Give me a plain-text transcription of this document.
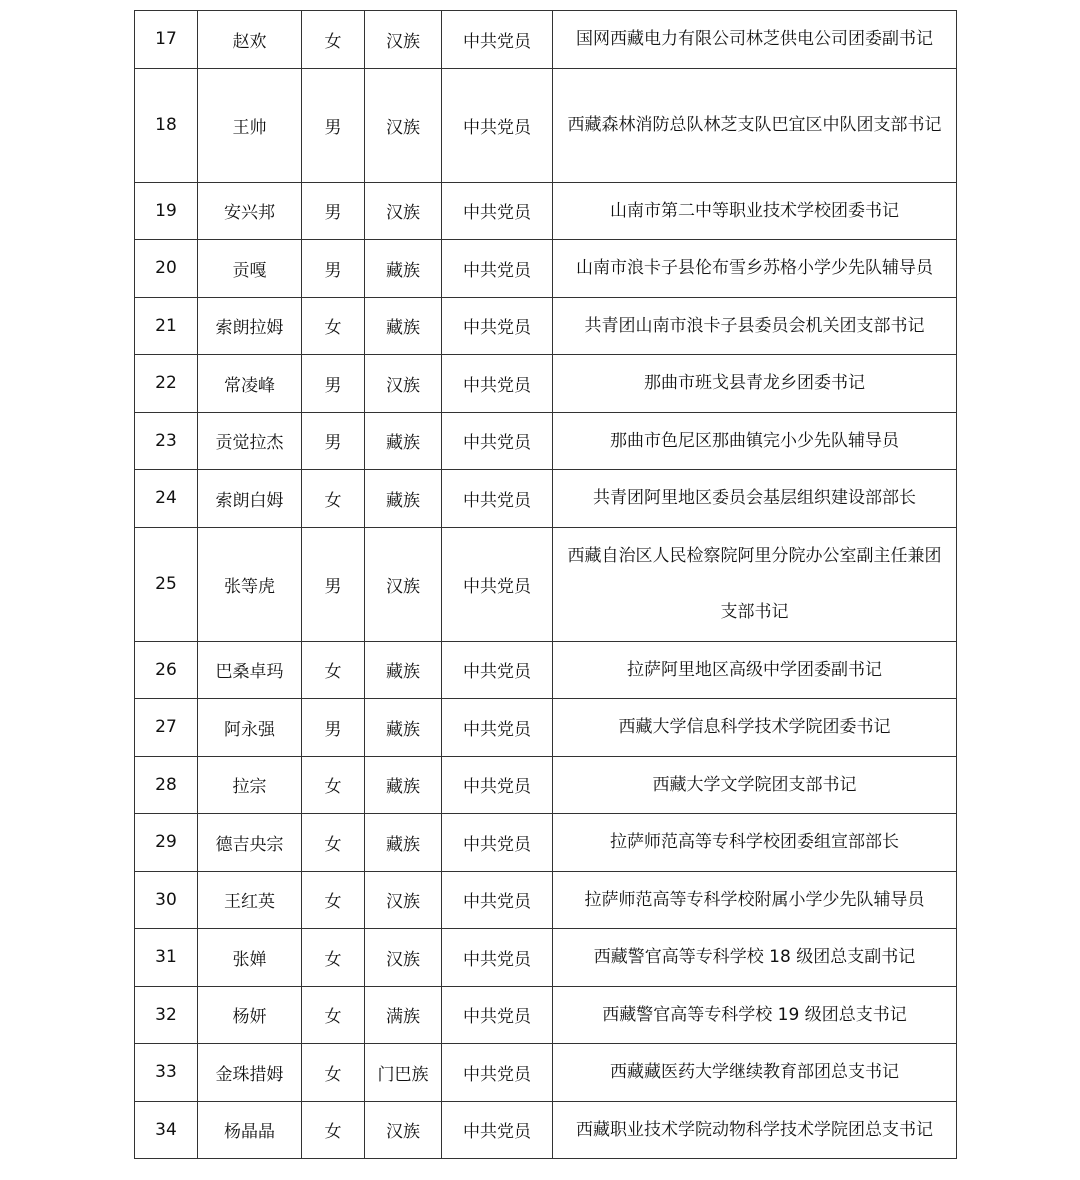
17	赵欢	女	汉族	中共党员	国网西藏电力有限公司林芝供电公司团委副书记
18	王帅	男	汉族	中共党员	西藏森林消防总队林芝支队巴宜区中队团支部书记
19	安兴邦	男	汉族	中共党员	山南市第二中等职业技术学校团委书记
20	贡嘎	男	藏族	中共党员	山南市浪卡子县伦布雪乡苏格小学少先队辅导员
21	索朗拉姆	女	藏族	中共党员	共青团山南市浪卡子县委员会机关团支部书记
22	常凌峰	男	汉族	中共党员	那曲市班戈县青龙乡团委书记
23	贡觉拉杰	男	藏族	中共党员	那曲市色尼区那曲镇完小少先队辅导员
24	索朗白姆	女	藏族	中共党员	共青团阿里地区委员会基层组织建设部部长
25	张等虎	男	汉族	中共党员	西藏自治区人民检察院阿里分院办公室副主任兼团支部书记
26	巴桑卓玛	女	藏族	中共党员	拉萨阿里地区高级中学团委副书记
27	阿永强	男	藏族	中共党员	西藏大学信息科学技术学院团委书记
28	拉宗	女	藏族	中共党员	西藏大学文学院团支部书记
29	德吉央宗	女	藏族	中共党员	拉萨师范高等专科学校团委组宣部部长
30	王红英	女	汉族	中共党员	拉萨师范高等专科学校附属小学少先队辅导员
31	张婵	女	汉族	中共党员	西藏警官高等专科学校 18 级团总支副书记
32	杨妍	女	满族	中共党员	西藏警官高等专科学校 19 级团总支书记
33	金珠措姆	女	门巴族	中共党员	西藏藏医药大学继续教育部团总支书记
34	杨晶晶	女	汉族	中共党员	西藏职业技术学院动物科学技术学院团总支书记
